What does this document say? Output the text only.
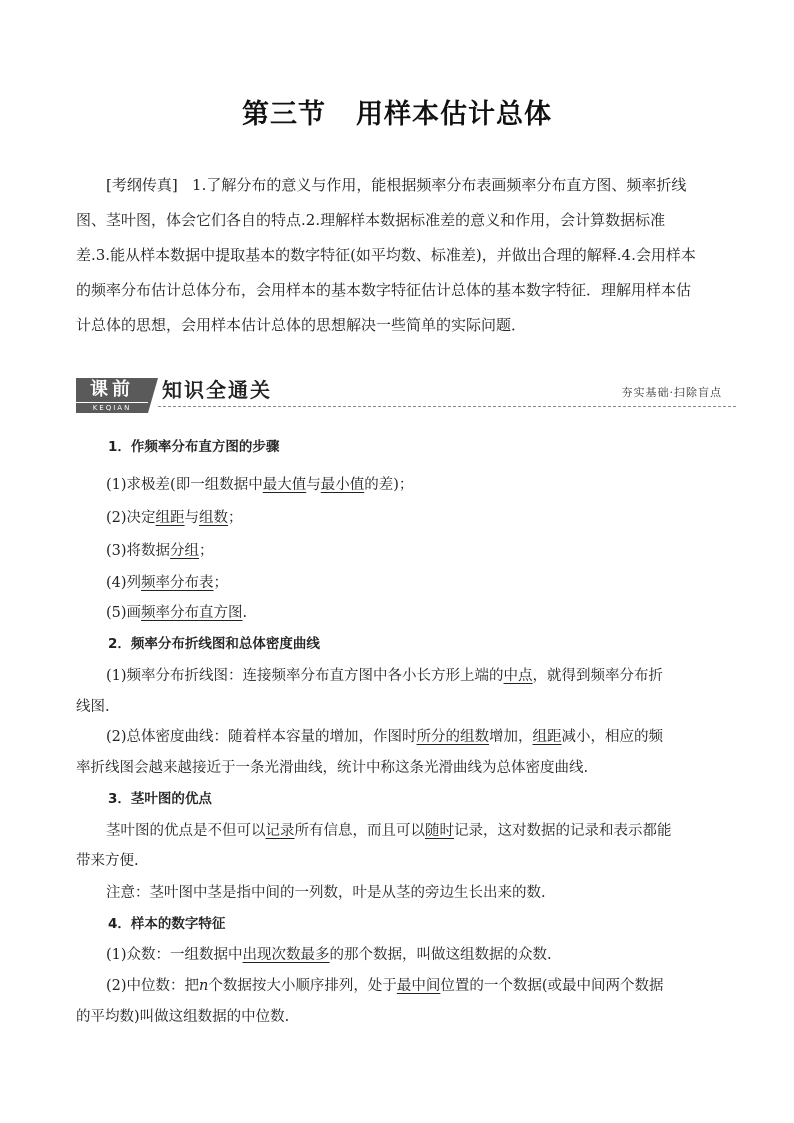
第三节 用样本估计总体
[考纲传真] 1.了解分布的意义与作用，能根据频率分布表画频率分布直方图、频率折线
图、茎叶图，体会它们各自的特点.2.理解样本数据标准差的意义和作用，会计算数据标准
差.3.能从样本数据中提取基本的数字特征(如平均数、标准差)，并做出合理的解释.4.会用样本
的频率分布估计总体分布，会用样本的基本数字特征估计总体的基本数字特征．理解用样本估
计总体的思想，会用样本估计总体的思想解决一些简单的实际问题．
课前
KEQIAN
知识全通关	夯实基础·扫除盲点
1．作频率分布直方图的步骤
(1)求极差(即一组数据中最大值与最小值的差)；
(2)决定组距与组数；
(3)将数据分组；
(4)列频率分布表；
(5)画频率分布直方图.
2．频率分布折线图和总体密度曲线
(1)频率分布折线图：连接频率分布直方图中各小长方形上端的中点，就得到频率分布折
线图.
(2)总体密度曲线：随着样本容量的增加，作图时所分的组数增加，组距减小，相应的频
率折线图会越来越接近于一条光滑曲线，统计中称这条光滑曲线为总体密度曲线.
3．茎叶图的优点
茎叶图的优点是不但可以记录所有信息，而且可以随时记录，这对数据的记录和表示都能
带来方便.
注意：茎叶图中茎是指中间的一列数，叶是从茎的旁边生长出来的数.
4．样本的数字特征
(1)众数：一组数据中出现次数最多的那个数据，叫做这组数据的众数.
(2)中位数：把n个数据按大小顺序排列，处于最中间位置的一个数据(或最中间两个数据
的平均数)叫做这组数据的中位数.
